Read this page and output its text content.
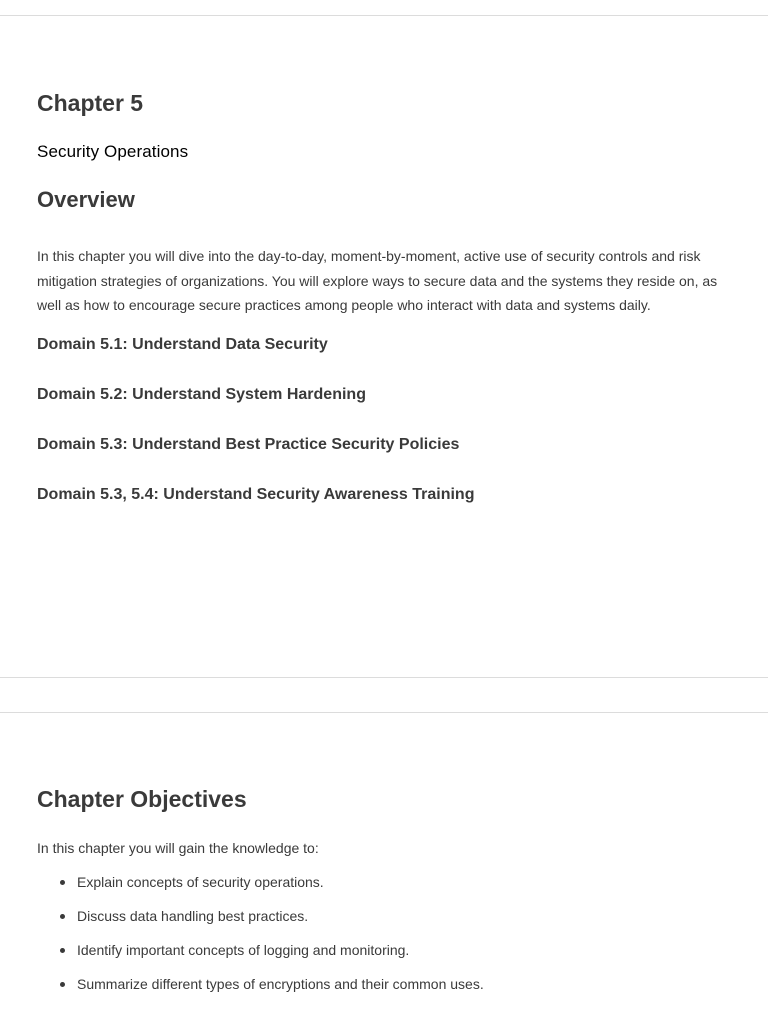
Chapter 5
Security Operations
Overview

In this chapter you will dive into the day-to-day, moment-by-moment, active use of security controls and risk mitigation strategies of organizations. You will explore ways to secure data and the systems they reside on, as well as how to encourage secure practices among people who interact with data and systems daily.

Domain 5.1: Understand Data Security
Domain 5.2: Understand System Hardening
Domain 5.3: Understand Best Practice Security Policies
Domain 5.3, 5.4: Understand Security Awareness Training
Chapter Objectives

In this chapter you will gain the knowledge to:

Explain concepts of security operations.
Discuss data handling best practices.
Identify important concepts of logging and monitoring.
Summarize different types of encryptions and their common uses.
